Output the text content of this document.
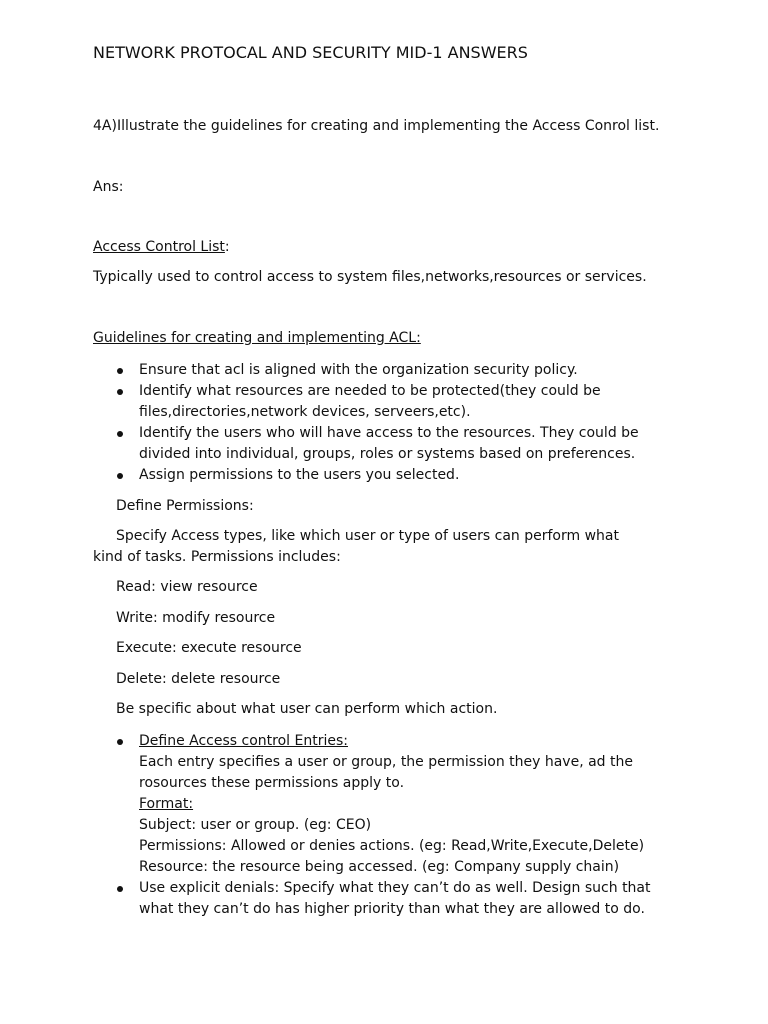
NETWORK PROTOCAL AND SECURITY MID-1 ANSWERS
4A)Illustrate the guidelines for creating and implementing the Access Conrol list.
Ans:
Access Control List:
Typically used to control access to system files,networks,resources or services.
Guidelines for creating and implementing ACL:
Ensure that acl is aligned with the organization security policy.
Identify what resources are needed to be protected(they could be files,directories,network devices, serveers,etc).
Identify the users who will have access to the resources. They could be divided into individual, groups, roles or systems based on preferences.
Assign permissions to the users you selected.
Define Permissions:
Specify Access types, like which user or type of users can perform what kind of tasks. Permissions includes:
Read: view resource
Write: modify resource
Execute: execute resource
Delete: delete resource
Be specific about what user can perform which action.
Define Access control Entries:
Each entry specifies a user or group, the permission they have, ad the rosources these permissions apply to.
Format:
Subject: user or group. (eg: CEO)
Permissions: Allowed or denies actions. (eg: Read,Write,Execute,Delete)
Resource: the resource being accessed. (eg: Company supply chain)
Use explicit denials: Specify what they can’t do as well. Design such that what they can’t do has higher priority than what they are allowed to do.
